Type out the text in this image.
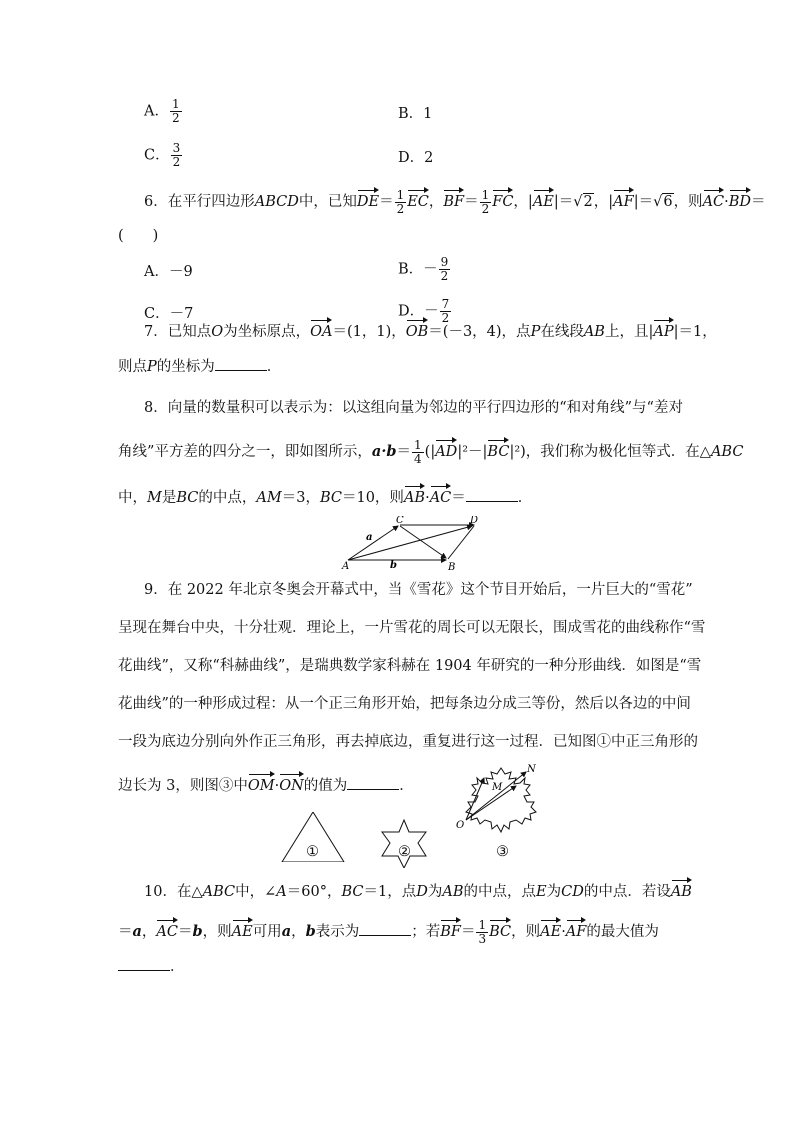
A． $\frac{1}{2}$	B．1
C． $\frac{3}{2}$	D．2
6．在平行四边形ABCD中，已知$DE= \frac{1}{2}$ EC，$BF= \frac{1}{2}$ FC，|AE|＝√2，|AF|＝√6，则AC·BD＝
(　　)
A．－9	B．－ $\frac{9}{2}$
C．－7	D．－ $\frac{7}{2}$
7．已知点O为坐标原点，OA＝(1，1)，OB＝(－3，4)，点P在线段AB上，且|AP|＝1，
则点P的坐标为	．
8．向量的数量积可以表示为：以这组向量为邻边的平行四边形的“和对角线”与“差对
角线”平方差的四分之一，即如图所示，$a\cdot b= \frac{1}{4} (|AD|^2-|BC|^2)$，我们称为极化恒等式．在△ABC
中，M是BC的中点，AM＝3，BC＝10，则AB·AC＝	．
A	B
C	D
a
b
9．在 2022 年北京冬奥会开幕式中，当《雪花》这个节目开始后，一片巨大的“雪花”
呈现在舞台中央，十分壮观．理论上，一片雪花的周长可以无限长，围成雪花的曲线称作“雪
花曲线”，又称“科赫曲线”，是瑞典数学家科赫在 1904 年研究的一种分形曲线．如图是“雪
花曲线”的一种形成过程：从一个正三角形开始，把每条边分成三等份，然后以各边的中间
一段为底边分别向外作正三角形，再去掉底边，重复进行这一过程．已知图①中正三角形的
边长为 3，则图③中OM·ON的值为	．
O
M
N
①	②	③
10．在△ABC中，∠A＝60°，BC＝1，点D为AB的中点，点E为CD的中点．若设AB
＝a，AC＝b，则AE可用a，b表示为	；若$BF= \frac{1}{3}$ BC，则AE·AF的最大值为
．
